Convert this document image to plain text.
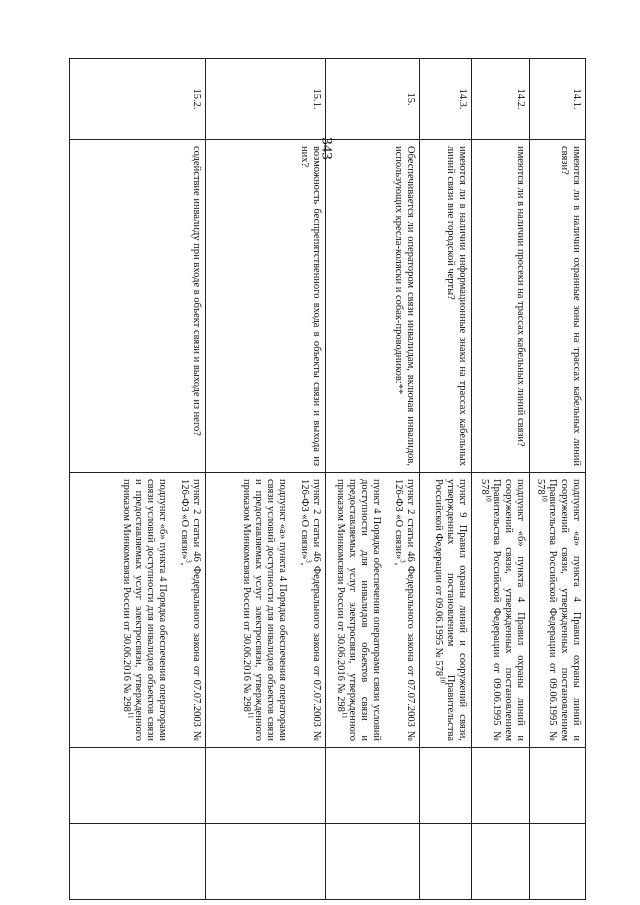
343
14.1.	имеются ли в наличии охранные зоны на трассах кабельных линий связи?	подпункт «а» пункта 4 Правил охраны линий и сооружений связи, утвержденных постановлением Правительства Российской Федерации от 09.06.1995 № $578^{10}$

14.2.	имеются ли в наличии просеки на трассах кабельных линий связи?	подпункт «б» пункта 4 Правил охраны линий и сооружений связи, утвержденных постановлением Правительства Российской Федерации от 09.06.1995 № $578^{10}$

14.3.	имеются ли в наличии информационные знаки на трассах кабельных линий связи вне городской черты?	пункт 9 Правил охраны линий и сооружений связи, утвержденных постановлением Правительства Российской Федерации от 09.06.1995 № $578^{10}$

15.	Обеспечивается ли оператором связи инвалидам, включая инвалидов, использующих кресла-коляски и собак-проводников:**	пункт 2 статьи 46 Федерального закона от 07.07.2003 № 126-ФЗ «О связи»$^3$,
пункт 4 Порядка обеспечения операторами связи условий доступности для инвалидов объектов связи и предоставляемых услуг электросвязи, утвержденного приказом Минкомсвязи России от 30.06.2016 № $298^{11}$

15.1.	возможность беспрепятственного входа в объекты связи и выхода из них?	пункт 2 статьи 46 Федерального закона от 07.07.2003 № 126-ФЗ «О связи»$^3$,
подпункт «а» пункта 4 Порядка обеспечения операторами связи условий доступности для инвалидов объектов связи и предоставляемых услуг электросвязи, утвержденного приказом Минкомсвязи России от 30.06.2016 № $298^{11}$

15.2.	содействие инвалиду при входе в объект связи и выходе из него?	пункт 2 статьи 46 Федерального закона от 07.07.2003 № 126-ФЗ «О связи»$^3$,
подпункт «б» пункта 4 Порядка обеспечения операторами связи условий доступности для инвалидов объектов связи и предоставляемых услуг электросвязи, утвержденного приказом Минкомсвязи России от 30.06.2016 № $298^{11}$
